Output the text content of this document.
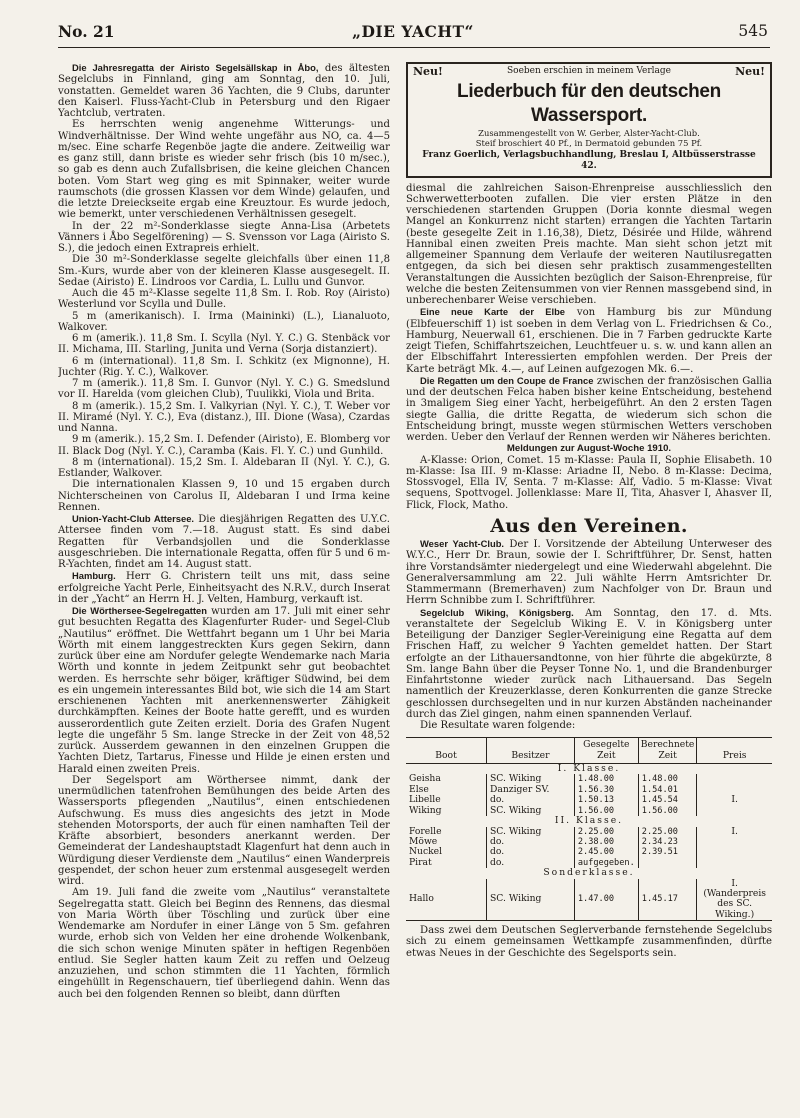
No. 21	„DIE YACHT“	545

Die Jahresregatta der Airisto Segelsällskap in Åbo, des ältesten Segelclubs in Finnland, ging am Sonntag, den 10. Juli, vonstatten. Gemeldet waren 36 Yachten, die 9 Clubs, darunter den Kaiserl. Fluss-Yacht-Club in Petersburg und den Rigaer Yachtclub, vertraten.

Es herrschten wenig angenehme Witterungs- und Windverhältnisse. Der Wind wehte ungefähr aus NO, ca. 4—5 m/sec. Eine scharfe Regenböe jagte die andere. Zeitweilig war es ganz still, dann briste es wieder sehr frisch (bis 10 m/sec.), so gab es denn auch Zufallsbrisen, die keine gleichen Chancen boten. Vom Start weg ging es mit Spinnaker, weiter wurde raumschots (die grossen Klassen vor dem Winde) gelaufen, und die letzte Dreieckseite ergab eine Kreuztour. Es wurde jedoch, wie bemerkt, unter verschiedenen Verhältnissen gesegelt.

In der 22 m²-Sonderklasse siegte Anna-Lisa (Arbetets Vänners i Åbo Segelförening) — S. Svensson vor Laga (Airisto S. S.), die jedoch einen Extrapreis erhielt.

Die 30 m²-Sonderklasse segelte gleichfalls über einen 11,8 Sm.-Kurs, wurde aber von der kleineren Klasse ausgesegelt. II. Sedae (Airisto) E. Lindroos vor Cardia, L. Lullu und Gunvor.

Auch die 45 m²-Klasse segelte 11,8 Sm. I. Rob. Roy (Airisto) Westerlund vor Scylla und Dulle.

5 m (amerikanisch). I. Irma (Maininki) (L.), Lianaluoto, Walkover.

6 m (amerik.). 11,8 Sm. I. Scylla (Nyl. Y. C.) G. Stenbäck vor II. Michama, III. Starling, Junita und Verna (Sorja distanziert).

6 m (international). 11,8 Sm. I. Schkitz (ex Mignonne), H. Juchter (Rig. Y. C.), Walkover.

7 m (amerik.). 11,8 Sm. I. Gunvor (Nyl. Y. C.) G. Smedslund vor II. Harelda (vom gleichen Club), Tuulikki, Viola und Brita.

8 m (amerik.). 15,2 Sm. I. Valkyrian (Nyl. Y. C.), T. Weber vor II. Miramé (Nyl. Y. C.), Eva (distanz.), III. Dione (Wasa), Czardas und Nanna.

9 m (amerik.). 15,2 Sm. I. Defender (Airisto), E. Blomberg vor II. Black Dog (Nyl. Y. C.), Caramba (Kais. Fl. Y. C.) und Gunhild.

8 m (international). 15,2 Sm. I. Aldebaran II (Nyl. Y. C.), G. Estlander, Walkover.

Die internationalen Klassen 9, 10 und 15 ergaben durch Nichterscheinen von Carolus II, Aldebaran I und Irma keine Rennen.

Union-Yacht-Club Attersee. Die diesjährigen Regatten des U.Y.C. Attersee finden vom 7.—18. August statt. Es sind dabei Regatten für Verbandsjollen und die Sonderklasse ausgeschrieben. Die internationale Regatta, offen für 5 und 6 m-R-Yachten, findet am 14. August statt.

Hamburg. Herr G. Christern teilt uns mit, dass seine erfolgreiche Yacht Perle, Einheitsyacht des N.R.V., durch Inserat in der „Yacht“ an Herrn H. J. Velten, Hamburg, verkauft ist.

Die Wörthersee-Segelregatten wurden am 17. Juli mit einer sehr gut besuchten Regatta des Klagenfurter Ruder- und Segel-Club „Nautilus“ eröffnet. Die Wettfahrt begann um 1 Uhr bei Maria Wörth mit einem langgestreckten Kurs gegen Sekirn, dann zurück über eine am Nordufer gelegte Wendemarke nach Maria Wörth und konnte in jedem Zeitpunkt sehr gut beobachtet werden. Es herrschte sehr böiger, kräftiger Südwind, bei dem es ein ungemein interessantes Bild bot, wie sich die 14 am Start erschienenen Yachten mit anerkennenswerter Zähigkeit durchkämpften. Keines der Boote hatte gerefft, und es wurden ausserordentlich gute Zeiten erzielt. Doria des Grafen Nugent legte die ungefähr 5 Sm. lange Strecke in der Zeit von 48,52 zurück. Ausserdem gewannen in den einzelnen Gruppen die Yachten Dietz, Tartarus, Finesse und Hilde je einen ersten und Harald einen zweiten Preis.

Der Segelsport am Wörthersee nimmt, dank der unermüdlichen tatenfrohen Bemühungen des beide Arten des Wassersports pflegenden „Nautilus“, einen entschiedenen Aufschwung. Es muss dies angesichts des jetzt in Mode stehenden Motorsports, der auch für einen namhaften Teil der Kräfte absorbiert, besonders anerkannt werden. Der Gemeinderat der Landeshauptstadt Klagenfurt hat denn auch in Würdigung dieser Verdienste dem „Nautilus“ einen Wanderpreis gespendet, der schon heuer zum erstenmal ausgesegelt werden wird.

Am 19. Juli fand die zweite vom „Nautilus“ veranstaltete Segelregatta statt. Gleich bei Beginn des Rennens, das diesmal von Maria Wörth über Töschling und zurück über eine Wendemarke am Nordufer in einer Länge von 5 Sm. gefahren wurde, erhob sich von Velden her eine drohende Wolkenbank, die sich schon wenige Minuten später in heftigen Regenböen entlud. Sie Segler hatten kaum Zeit zu reffen und Oelzeug anzuziehen, und schon stimmten die 11 Yachten, förmlich eingehüllt in Regenschauern, tief überliegend dahin. Wenn das auch bei den folgenden Rennen so bleibt, dann dürften

Neu!	Soeben erschien in meinem Verlage	Neu!
Liederbuch für den deutschen Wassersport.
Zusammengestellt von W. Gerber, Alster-Yacht-Club.
Steif broschiert 40 Pf., in Dermatoid gebunden 75 Pf.
Franz Goerlich, Verlagsbuchhandlung, Breslau I, Altbüsserstrasse 42.

diesmal die zahlreichen Saison-Ehrenpreise ausschliesslich den Schwerwetterbooten zufallen. Die vier ersten Plätze in den verschiedenen startenden Gruppen (Doria konnte diesmal wegen Mangel an Konkurrenz nicht starten) errangen die Yachten Tartarin (beste gesegelte Zeit in 1.16,38), Dietz, Désirée und Hilde, während Hannibal einen zweiten Preis machte. Man sieht schon jetzt mit allgemeiner Spannung dem Verlaufe der weiteren Nautilusregatten entgegen, da sich bei diesen sehr praktisch zusammengestellten Veranstaltungen die Aussichten bezüglich der Saison-Ehrenpreise, für welche die besten Zeitensummen von vier Rennen massgebend sind, in unberechenbarer Weise verschieben.

Eine neue Karte der Elbe von Hamburg bis zur Mündung (Elbfeuerschiff 1) ist soeben in dem Verlag von L. Friedrichsen & Co., Hamburg, Neuerwall 61, erschienen. Die in 7 Farben gedruckte Karte zeigt Tiefen, Schiffahrtszeichen, Leuchtfeuer u. s. w. und kann allen an der Elbschiffahrt Interessierten empfohlen werden. Der Preis der Karte beträgt Mk. 4.—, auf Leinen aufgezogen Mk. 6.—.

Die Regatten um den Coupe de France zwischen der französischen Gallia und der deutschen Felca haben bisher keine Entscheidung, bestehend in 3maligem Sieg einer Yacht, herbeigeführt. An den 2 ersten Tagen siegte Gallia, die dritte Regatta, de wiederum sich schon die Entscheidung bringt, musste wegen stürmischen Wetters verschoben werden. Ueber den Verlauf der Rennen werden wir Näheres berichten.

Meldungen zur August-Woche 1910.

A-Klasse: Orion, Comet. 15 m-Klasse: Paula II, Sophie Elisabeth. 10 m-Klasse: Isa III. 9 m-Klasse: Ariadne II, Nebo. 8 m-Klasse: Decima, Stossvogel, Ella IV, Senta. 7 m-Klasse: Alf, Vadio. 5 m-Klasse: Vivat sequens, Spottvogel. Jollenklasse: Mare II, Tita, Ahasver I, Ahasver II, Flick, Flock, Matho.

Aus den Vereinen.

Weser Yacht-Club. Der I. Vorsitzende der Abteilung Unterweser des W.Y.C., Herr Dr. Braun, sowie der I. Schriftführer, Dr. Senst, hatten ihre Vorstandsämter niedergelegt und eine Wiederwahl abgelehnt. Die Generalversammlung am 22. Juli wählte Herrn Amtsrichter Dr. Stammermann (Bremerhaven) zum Nachfolger von Dr. Braun und Herrn Schnibbe zum I. Schriftführer.

Segelclub Wiking, Königsberg. Am Sonntag, den 17. d. Mts. veranstaltete der Segelclub Wiking E. V. in Königsberg unter Beteiligung der Danziger Segler-Vereinigung eine Regatta auf dem Frischen Haff, zu welcher 9 Yachten gemeldet hatten. Der Start erfolgte an der Lithauersandtonne, von hier führte die abgekürzte, 8 Sm. lange Bahn über die Peyser Tonne No. 1, und die Brandenburger Einfahrtstonne wieder zurück nach Lithauersand. Das Segeln namentlich der Kreuzerklasse, deren Konkurrenten die ganze Strecke geschlossen durchsegelten und in nur kurzen Abständen nacheinander durch das Ziel gingen, nahm einen spannenden Verlauf.

Die Resultate waren folgende:

Boot	Besitzer	Gesegelte Zeit	Berechnete Zeit	Preis
I. Klasse.				
Geisha	SC. Wiking	1.48.00	1.48.00	
Else	Danziger SV.	1.56.30	1.54.01	
Libelle	do.	1.50.13	1.45.54	I.
Wiking	SC. Wiking	1.56.00	1.56.00	
II. Klasse.				
Forelle	SC. Wiking	2.25.00	2.25.00	I.
Möwe	do.	2.38.00	2.34.23	
Nuckel	do.	2.45.00	2.39.51	
Pirat	do.	aufgegeben.		
Sonderklasse.				
Hallo	SC. Wiking	1.47.00	1.45.17	I. (Wanderpreis des SC. Wiking.)

Dass zwei dem Deutschen Seglerverbande fernstehende Segelclubs sich zu einem gemeinsamen Wettkampfe zusammenfinden, dürfte etwas Neues in der Geschichte des Segelsports sein.
